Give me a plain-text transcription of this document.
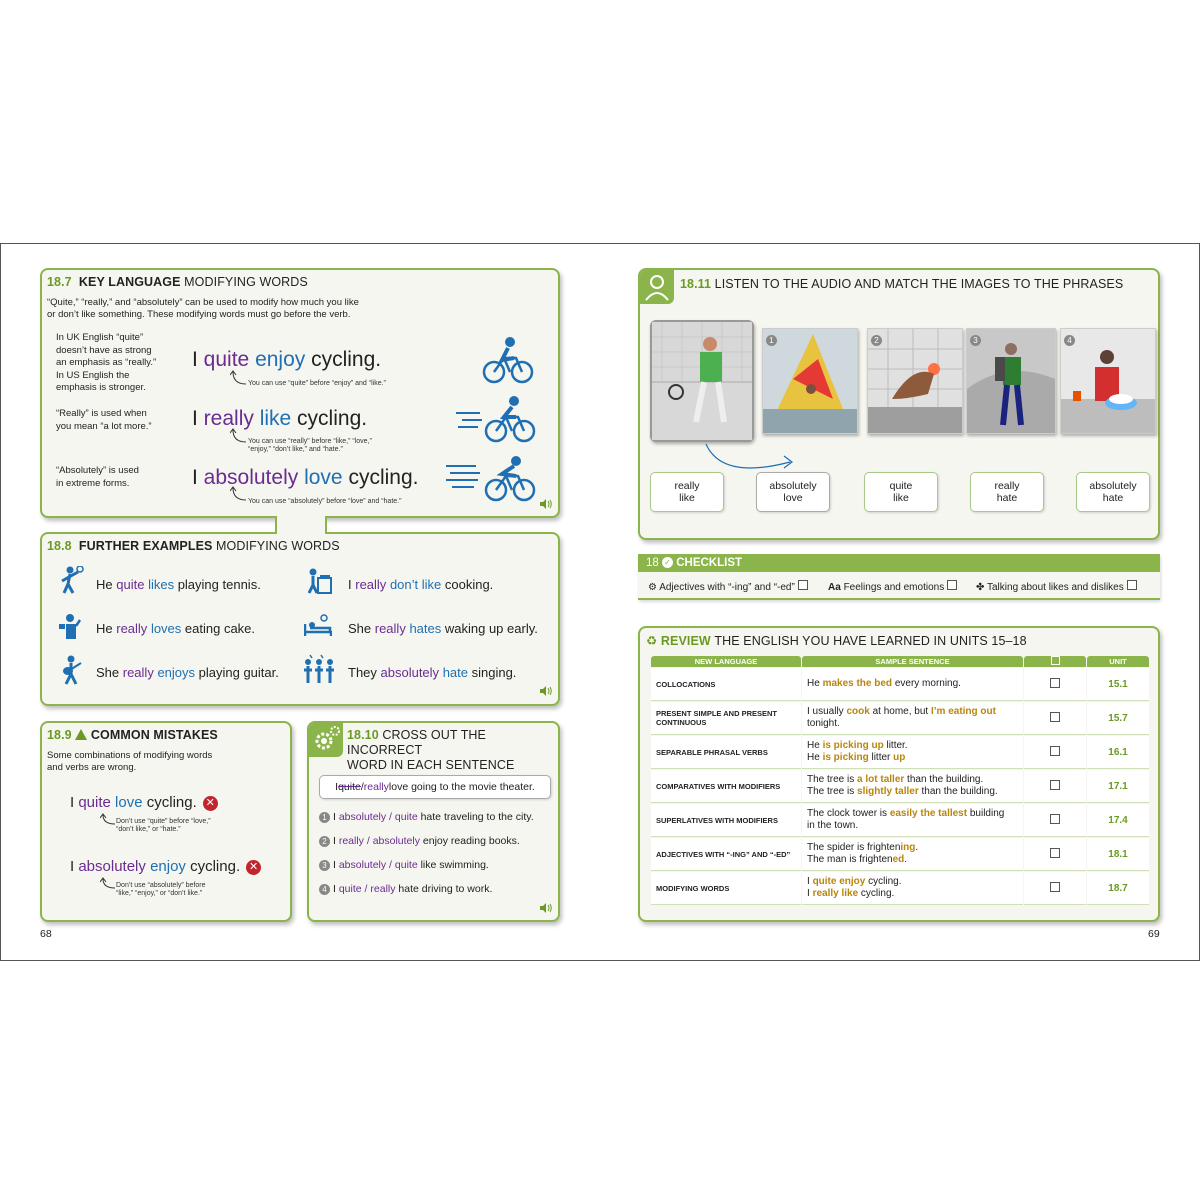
18.7 KEY LANGUAGE MODIFYING WORDS
“Quite,” “really,” and “absolutely” can be used to modify how much you like
or don’t like something. These modifying words must go before the verb.
In UK English “quite”
doesn’t have as strong
an emphasis as “really.”
In US English the
emphasis is stronger.
“Really” is used when
you mean “a lot more.”
“Absolutely” is used
in extreme forms.
I quite enjoy cycling.
You can use “quite” before “enjoy” and “like.”
I really like cycling.
You can use “really” before “like,” “love,”
“enjoy,” “don’t like,” and “hate.”
I absolutely love cycling.
You can use “absolutely” before “love” and “hate.”
18.8 FURTHER EXAMPLES MODIFYING WORDS
He quite likes playing tennis.
He really loves eating cake.
She really enjoys playing guitar.
I really don’t like cooking.
She really hates waking up early.
They absolutely hate singing.
18.9 COMMON MISTAKES
Some combinations of modifying words
and verbs are wrong.
I quite love cycling. ✕
Don’t use “quite” before “love,”
“don’t like,” or “hate.”
I absolutely enjoy cycling. ✕
Don’t use “absolutely” before
“like,” “enjoy,” or “don’t like.”
18.10 CROSS OUT THE INCORRECT
WORD IN EACH SENTENCE
I quite / really love going to the movie theater.
1 I absolutely / quite hate traveling to the city.
2 I really / absolutely enjoy reading books.
3 I absolutely / quite like swimming.
4 I quite / really hate driving to work.
68	69
18.11 LISTEN TO THE AUDIO AND MATCH THE IMAGES TO THE PHRASES
1	2	3	4
really
like
absolutely
love
quite
like
really
hate
absolutely
hate
18 ✓ CHECKLIST
⚙ Adjectives with “-ing” and “-ed”	Aa Feelings and emotions	✤ Talking about likes and dislikes
♻ REVIEW THE ENGLISH YOU HAVE LEARNED IN UNITS 15–18
NEW LANGUAGE	SAMPLE SENTENCE		UNIT
COLLOCATIONS	He makes the bed every morning.		15.1
PRESENT SIMPLE AND PRESENT CONTINUOUS	I usually cook at home, but I’m eating out tonight.		15.7
SEPARABLE PHRASAL VERBS	He is picking up litter.
He is picking litter up		16.1
COMPARATIVES WITH MODIFIERS	The tree is a lot taller than the building.
The tree is slightly taller than the building.		17.1
SUPERLATIVES WITH MODIFIERS	The clock tower is easily the tallest building
in the town.		17.4
ADJECTIVES WITH “-ING” AND “-ED”	The spider is frightening.
The man is frightened.		18.1
MODIFYING WORDS	I quite enjoy cycling.
I really like cycling.		18.7
